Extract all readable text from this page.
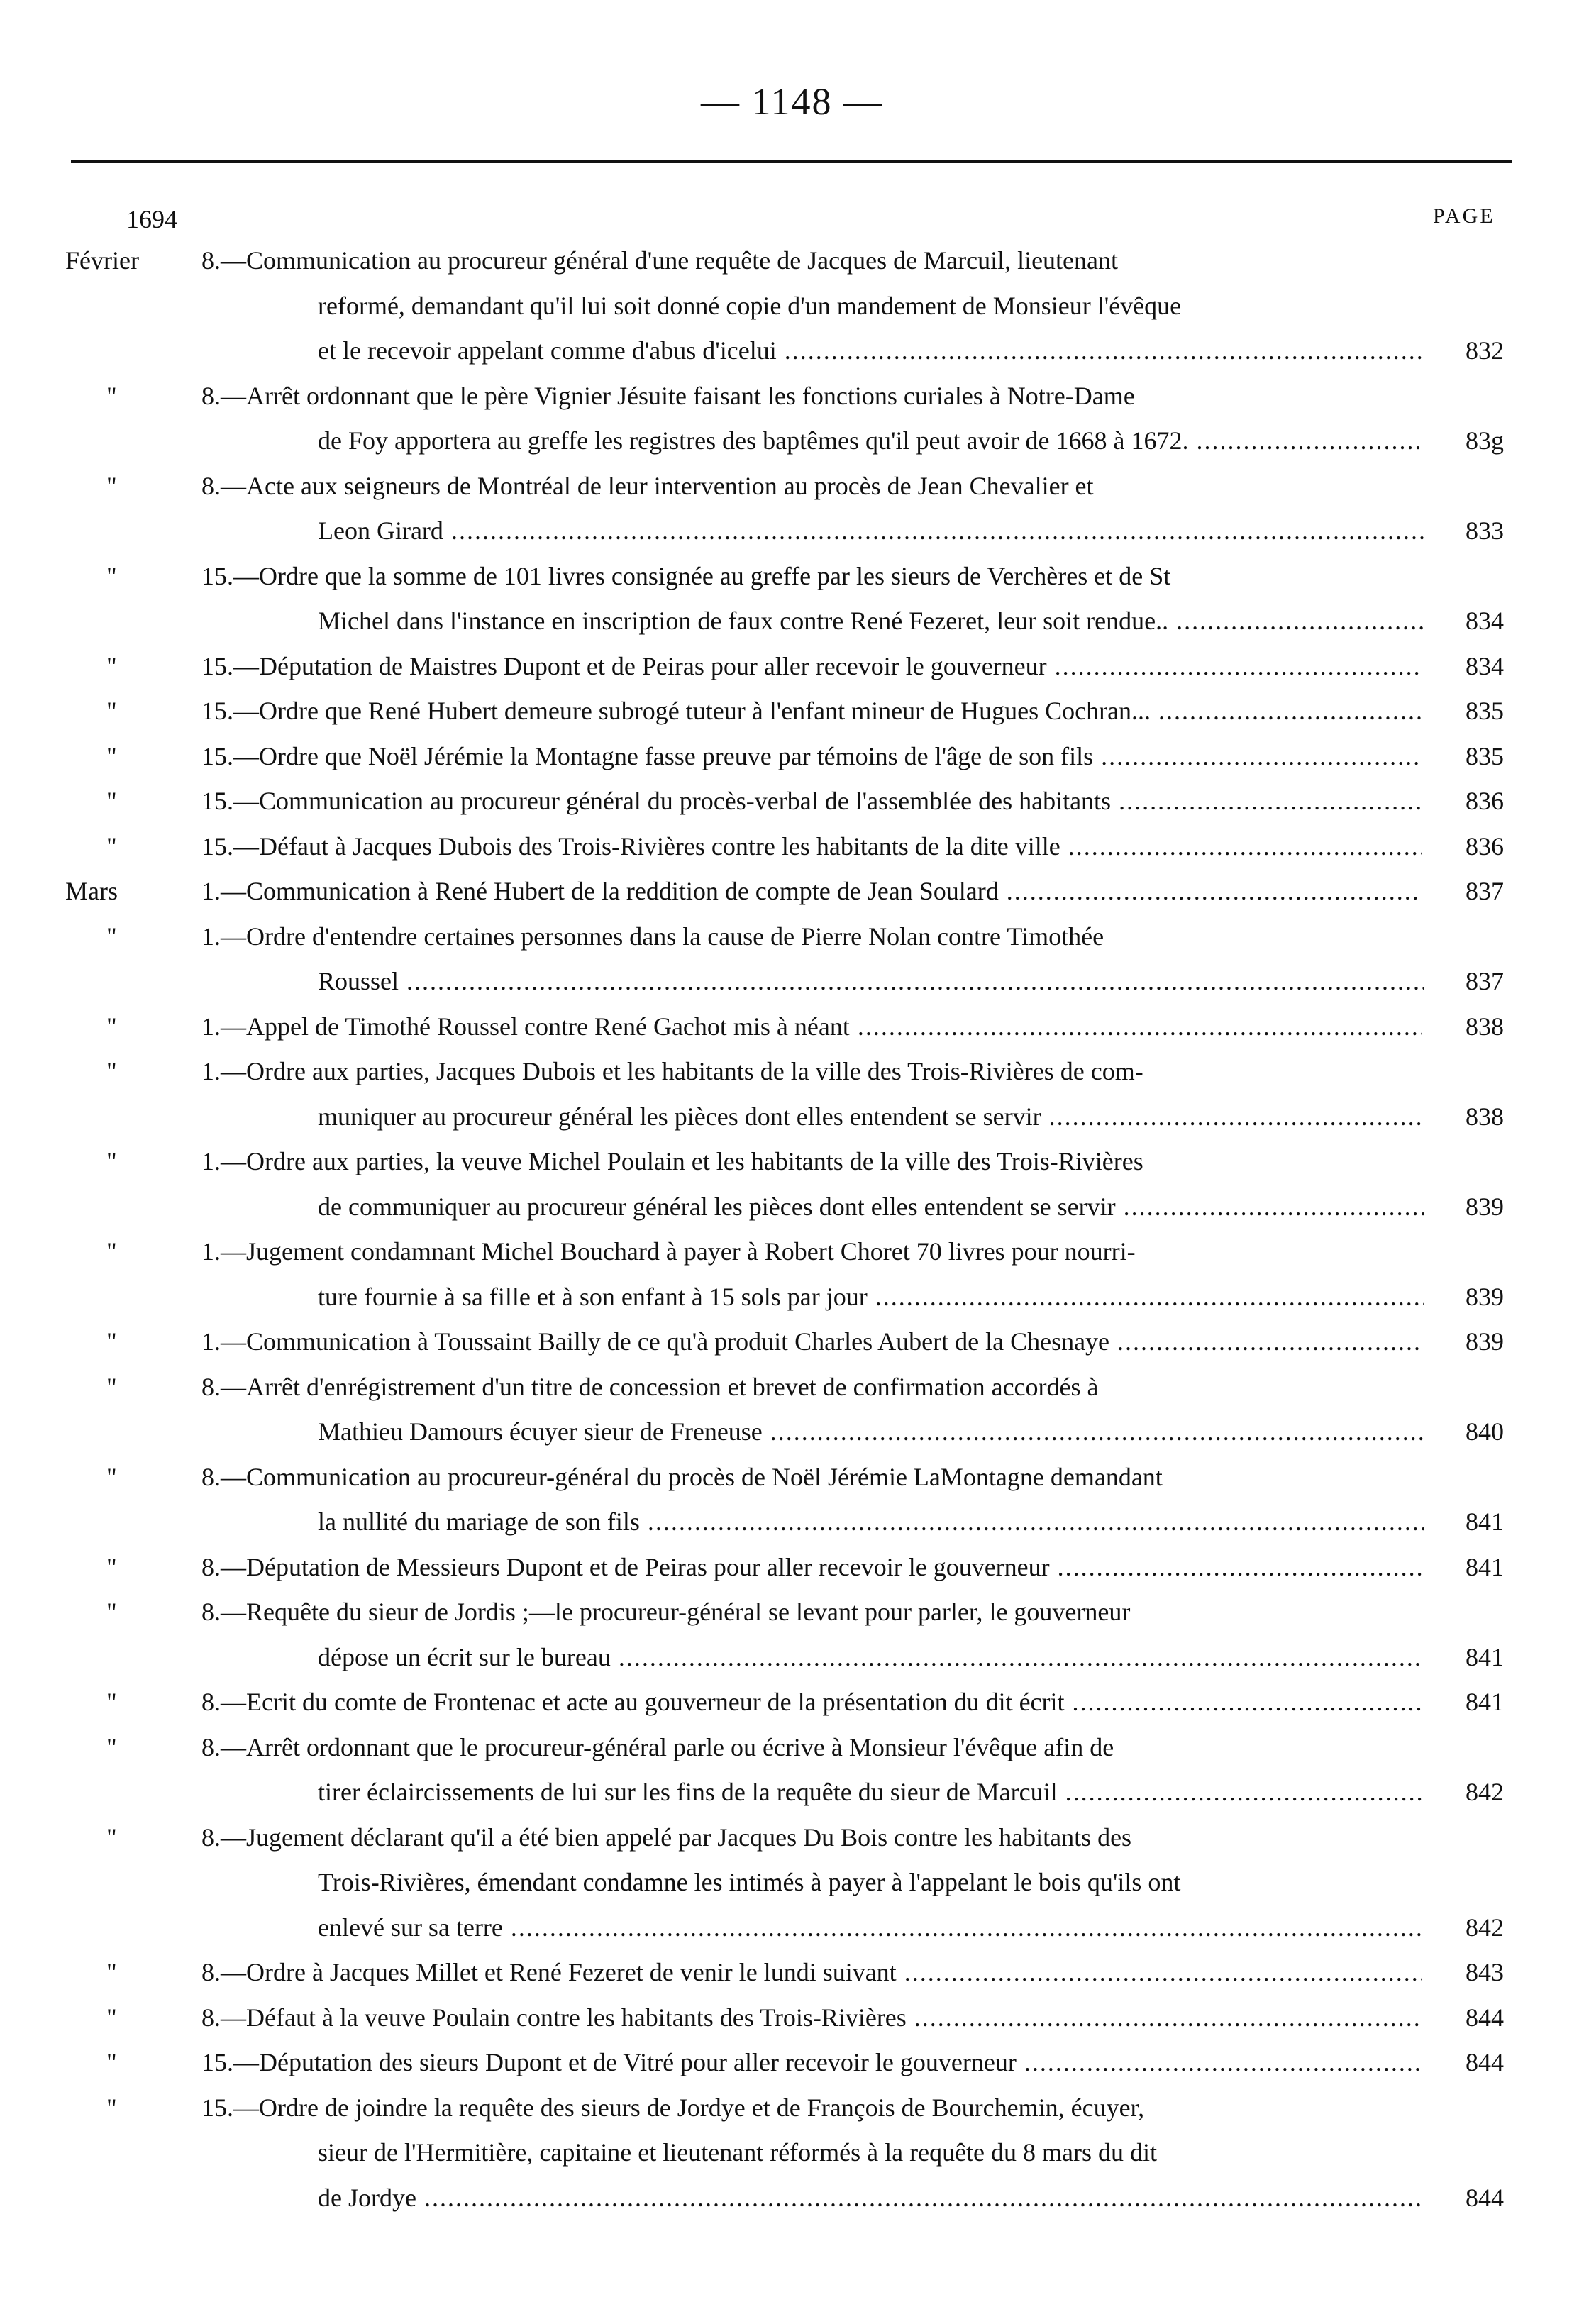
— 1148 —
1694	PAGE
Février	8.—Communication au procureur général d'une requête de Jacques de Marcuil, lieutenant
reformé, demandant qu'il lui soit donné copie d'un mandement de Monsieur l'évêque
et le recevoir appelant comme d'abus d'icelui .....	832
"	8.—Arrêt ordonnant que le père Vignier Jésuite faisant les fonctions curiales à Notre-Dame
de Foy apportera au greffe les registres des baptêmes qu'il peut avoir de 1668 à 1672. .....	83g
"	8.—Acte aux seigneurs de Montréal de leur intervention au procès de Jean Chevalier et
Leon Girard .....	833
"	15.—Ordre que la somme de 101 livres consignée au greffe par les sieurs de Verchères et de St
Michel dans l'instance en inscription de faux contre René Fezeret, leur soit rendue.. .....	834
"	15.—Députation de Maistres Dupont et de Peiras pour aller recevoir le gouverneur .....	834
"	15.—Ordre que René Hubert demeure subrogé tuteur à l'enfant mineur de Hugues Cochran... .....	835
"	15.—Ordre que Noël Jérémie la Montagne fasse preuve par témoins de l'âge de son fils .....	835
"	15.—Communication au procureur général du procès-verbal de l'assemblée des habitants .....	836
"	15.—Défaut à Jacques Dubois des Trois-Rivières contre les habitants de la dite ville .....	836
Mars	1.—Communication à René Hubert de la reddition de compte de Jean Soulard .....	837
"	1.—Ordre d'entendre certaines personnes dans la cause de Pierre Nolan contre Timothée
Roussel .....	837
"	1.—Appel de Timothé Roussel contre René Gachot mis à néant .....	838
"	1.—Ordre aux parties, Jacques Dubois et les habitants de la ville des Trois-Rivières de com-
muniquer au procureur général les pièces dont elles entendent se servir .....	838
"	1.—Ordre aux parties, la veuve Michel Poulain et les habitants de la ville des Trois-Rivières
de communiquer au procureur général les pièces dont elles entendent se servir .....	839
"	1.—Jugement condamnant Michel Bouchard à payer à Robert Choret 70 livres pour nourri-
ture fournie à sa fille et à son enfant à 15 sols par jour .....	839
"	1.—Communication à Toussaint Bailly de ce qu'à produit Charles Aubert de la Chesnaye .....	839
"	8.—Arrêt d'enrégistrement d'un titre de concession et brevet de confirmation accordés à
Mathieu Damours écuyer sieur de Freneuse .....	840
"	8.—Communication au procureur-général du procès de Noël Jérémie LaMontagne demandant
la nullité du mariage de son fils .....	841
"	8.—Députation de Messieurs Dupont et de Peiras pour aller recevoir le gouverneur .....	841
"	8.—Requête du sieur de Jordis ;—le procureur-général se levant pour parler, le gouverneur
dépose un écrit sur le bureau .....	841
"	8.—Ecrit du comte de Frontenac et acte au gouverneur de la présentation du dit écrit .....	841
"	8.—Arrêt ordonnant que le procureur-général parle ou écrive à Monsieur l'évêque afin de
tirer éclaircissements de lui sur les fins de la requête du sieur de Marcuil .....	842
"	8.—Jugement déclarant qu'il a été bien appelé par Jacques Du Bois contre les habitants des
Trois-Rivières, émendant condamne les intimés à payer à l'appelant le bois qu'ils ont
enlevé sur sa terre .....	842
"	8.—Ordre à Jacques Millet et René Fezeret de venir le lundi suivant .....	843
"	8.—Défaut à la veuve Poulain contre les habitants des Trois-Rivières .....	844
"	15.—Députation des sieurs Dupont et de Vitré pour aller recevoir le gouverneur .....	844
"	15.—Ordre de joindre la requête des sieurs de Jordye et de François de Bourchemin, écuyer,
sieur de l'Hermitière, capitaine et lieutenant réformés à la requête du 8 mars du dit
de Jordye .....	844
